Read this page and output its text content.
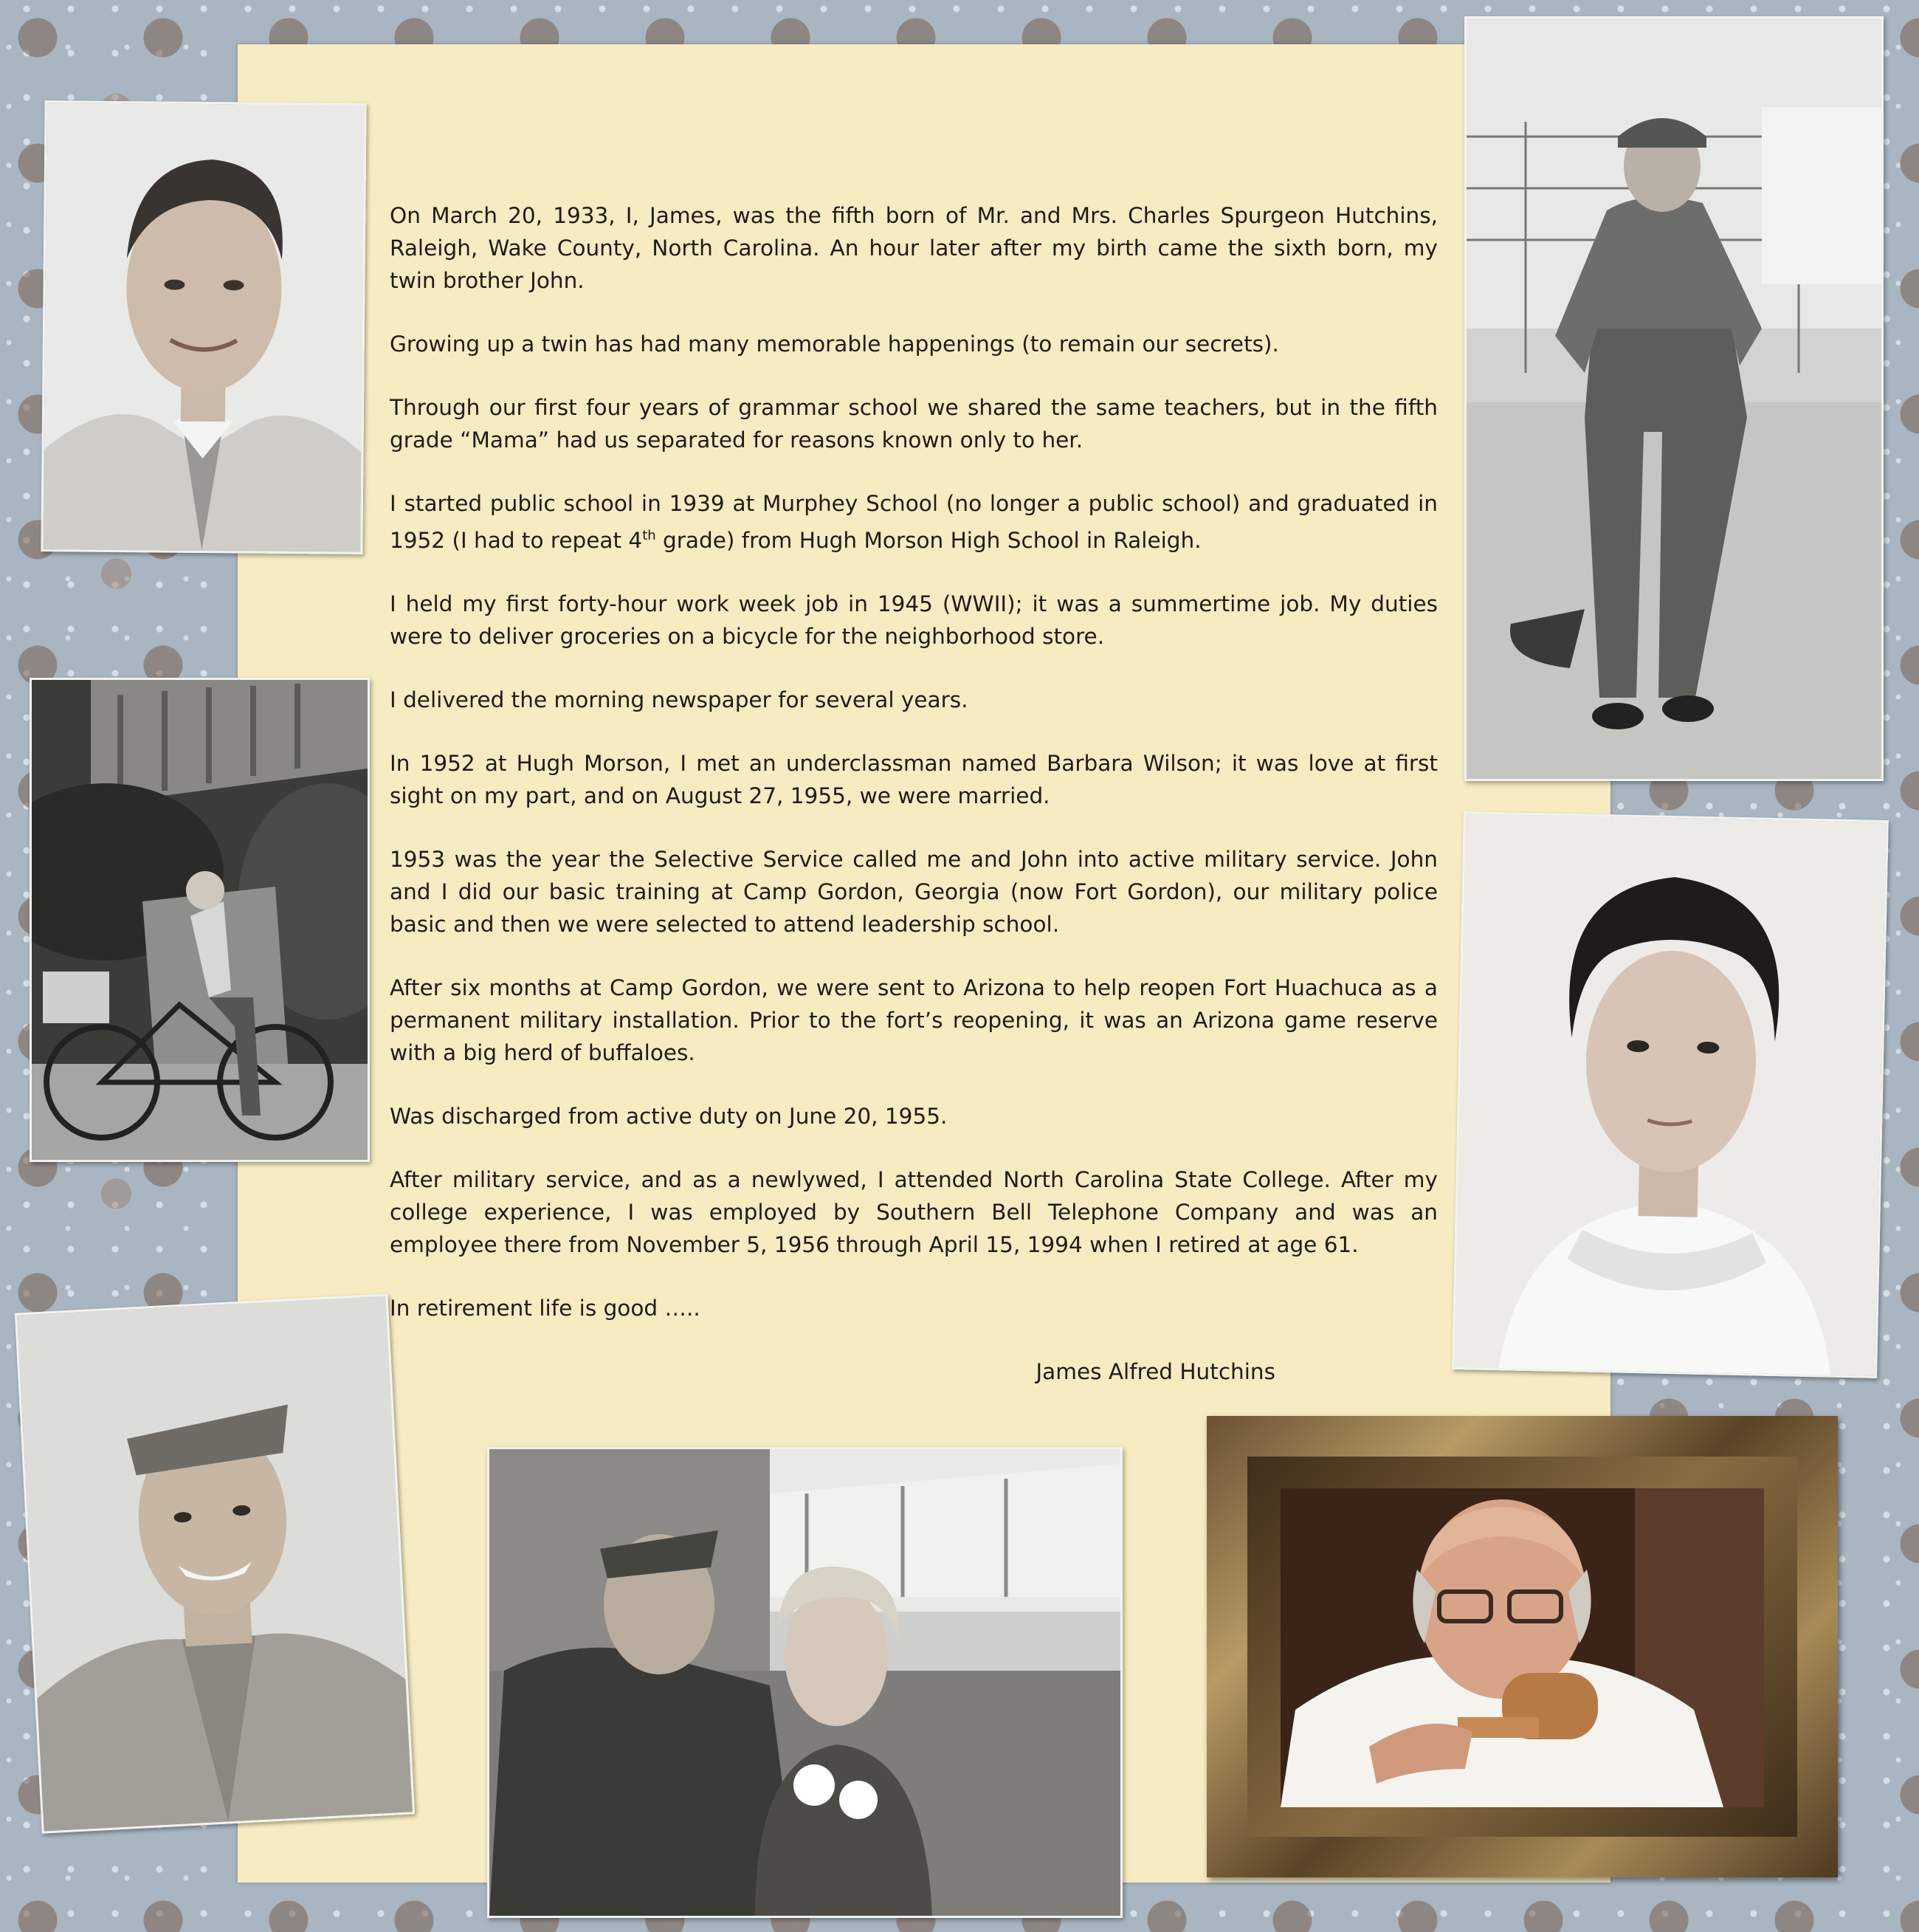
On March 20, 1933, I, James, was the fifth born of Mr. and Mrs. Charles Spurgeon Hutchins, Raleigh, Wake County, North Carolina. An hour later after my birth came the sixth born, my twin brother John.

Growing up a twin has had many memorable happenings (to remain our secrets).

Through our first four years of grammar school we shared the same teachers, but in the fifth grade “Mama” had us separated for reasons known only to her.

I started public school in 1939 at Murphey School (no longer a public school) and graduated in 1952 (I had to repeat 4th grade) from Hugh Morson High School in Raleigh.

I held my first forty-hour work week job in 1945 (WWII); it was a summertime job. My duties were to deliver groceries on a bicycle for the neighborhood store.

I delivered the morning newspaper for several years.

In 1952 at Hugh Morson, I met an underclassman named Barbara Wilson; it was love at first sight on my part, and on August 27, 1955, we were married.

1953 was the year the Selective Service called me and John into active military service. John and I did our basic training at Camp Gordon, Georgia (now Fort Gordon), our military police basic and then we were selected to attend leadership school.

After six months at Camp Gordon, we were sent to Arizona to help reopen Fort Huachuca as a permanent military installation. Prior to the fort’s reopening, it was an Arizona game reserve with a big herd of buffaloes.

Was discharged from active duty on June 20, 1955.

After military service, and as a newlywed, I attended North Carolina State College. After my college experience, I was employed by Southern Bell Telephone Company and was an employee there from November 5, 1956 through April 15, 1994 when I retired at age 61.

In retirement life is good …..

James Alfred Hutchins
